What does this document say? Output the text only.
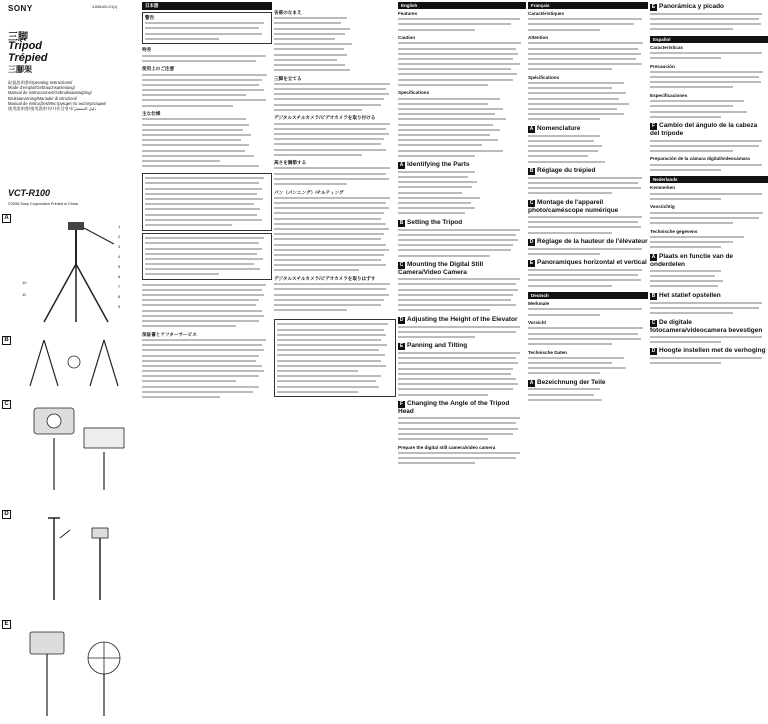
SONY	3-838-601-01(1)
三脚
Tripod
Trépied
三腳架
取扱説明書/Operating Instructions/
Mode d'emploi/Gebrauchsanleitung/
Manual de instrucciones/Gebruiksaanwijzing/
Bruksanvisning/Manuale di istruzioni/
Manual de instruções/Инструкция по эксплуатации/
使用說明書/使用說明书/사용설명서/دليل التشغيل
VCT-R100
©2006 Sony Corporation Printed in China
A
1
2
3
4
5
6
7
8
9
10
11
B
C
D
E
日本語
警告
特長
使用上のご注意
主な仕様
保証書とアフターサービス
各部のなまえ
三脚を立てる
デジタルスチルカメラ/ビデオカメラを取り付ける
高さを調節する
パン（パンニング）/チルティング
デジタルスチルカメラ/ビデオカメラを取りはずす
English
Features
Caution
Specifications
A Identifying the Parts
B Setting the Tripod
C Mounting the Digital Still Camera/Video Camera
D Adjusting the Height of the Elevator
E Panning and Tilting
F Changing the Angle of the Tripod Head
Prepare the digital still camera/video camera
Français
Caractéristiques
Attention
Spécifications
A Nomenclature
B Réglage du trépied
C Montage de l'appareil photo/caméscope numérique
D Réglage de la hauteur de l'élévateur
E Panoramiques horizontal et vertical
Deutsch
Merkmale
Vorsicht
Technische Daten
A Bezeichnung der Teile
E Panorámica y picado
Español
Características
Precaución
Especificaciones
F Cambio del ángulo de la cabeza del trípode
Preparación de la cámara digital/videocámara
Nederlands
Kenmerken
Voorzichtig
Technische gegevens
A Plaats en functie van de onderdelen
B Het statief opstellen
C De digitale fotocamera/videocamera bevestigen
D Hoogte instellen met de verhoging
